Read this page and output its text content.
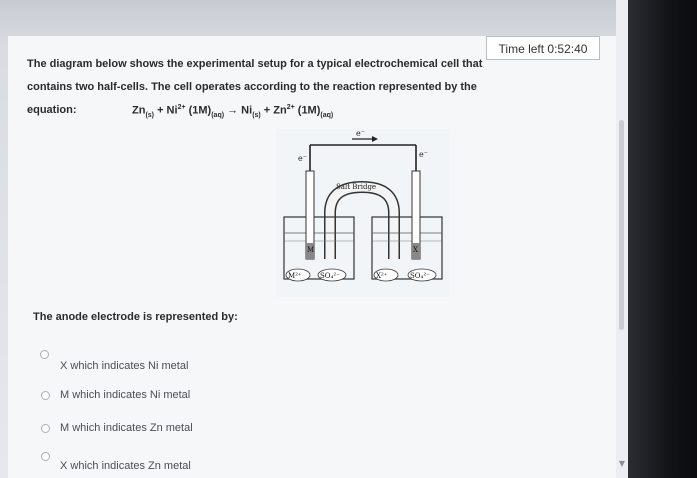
▼
Time left 0:52:40
The diagram below shows the experimental setup for a typical electrochemical cell that
contains two half-cells. The cell operates according to the reaction represented by the
equation:	$Zn_{(s)} + Ni^{2+}$ $(1M)_{(aq)} \to Ni_{(s)} + Zn^{2+}$ $(1M)_{(aq)}$
e⁻
e⁻	e⁻
Salt Bridge
M	X
M²⁺	SO₄²⁻	X²⁺	SO₄²⁻
The anode electrode is represented by:
X which indicates Ni metal
M which indicates Ni metal
M which indicates Zn metal
X which indicates Zn metal
